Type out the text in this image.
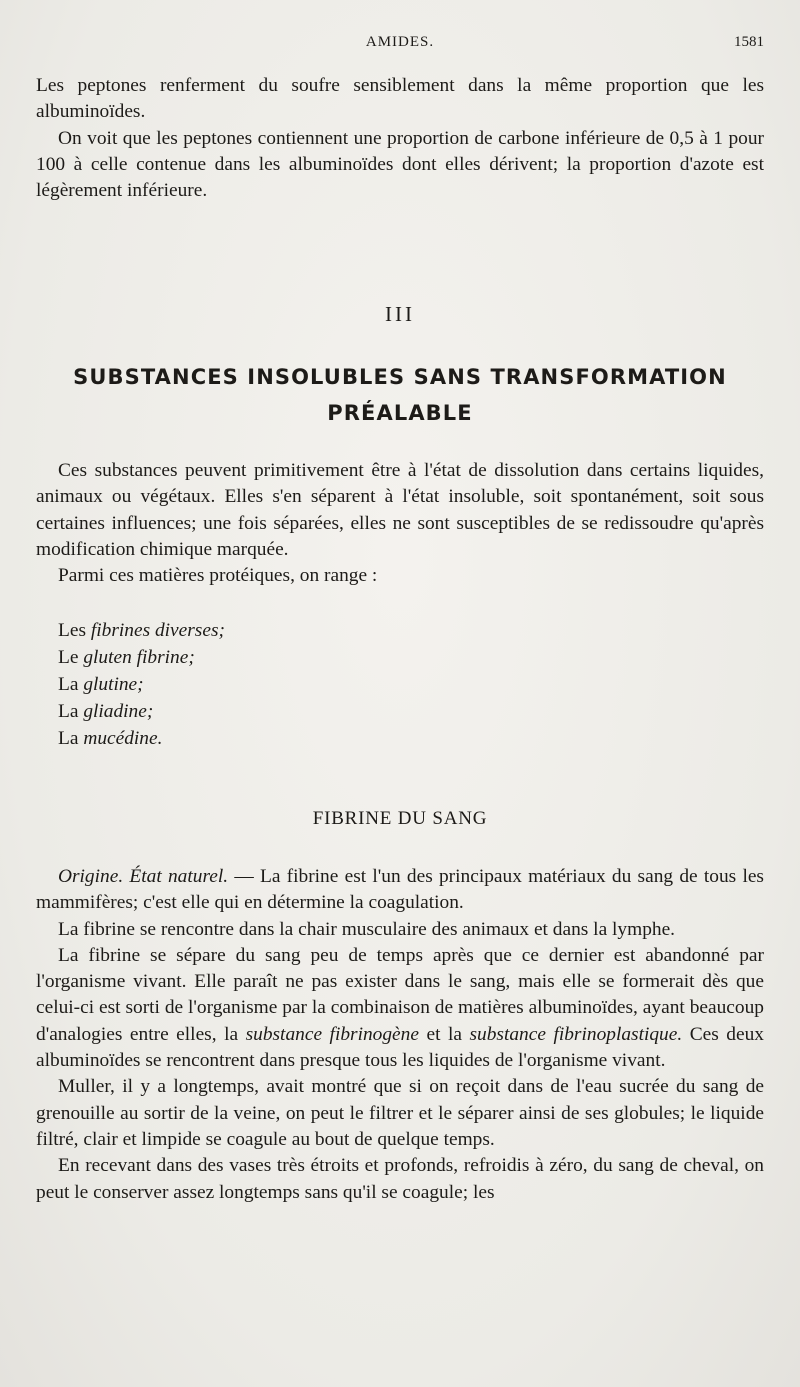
AMIDES.	1581

Les peptones renferment du soufre sensiblement dans la même proportion que les albuminoïdes.

On voit que les peptones contiennent une proportion de carbone inférieure de 0,5 à 1 pour 100 à celle contenue dans les albuminoïdes dont elles dérivent; la proportion d'azote est légèrement inférieure.

III
SUBSTANCES INSOLUBLES SANS TRANSFORMATION
PRÉALABLE

Ces substances peuvent primitivement être à l'état de dissolution dans certains liquides, animaux ou végétaux. Elles s'en séparent à l'état insoluble, soit spontanément, soit sous certaines influences; une fois séparées, elles ne sont susceptibles de se redissoudre qu'après modification chimique marquée.

Parmi ces matières protéiques, on range :

Les fibrines diverses;

Le gluten fibrine;

La glutine;

La gliadine;

La mucédine.

FIBRINE DU SANG

Origine. État naturel. — La fibrine est l'un des principaux matériaux du sang de tous les mammifères; c'est elle qui en détermine la coagulation.

La fibrine se rencontre dans la chair musculaire des animaux et dans la lymphe.

La fibrine se sépare du sang peu de temps après que ce dernier est abandonné par l'organisme vivant. Elle paraît ne pas exister dans le sang, mais elle se formerait dès que celui-ci est sorti de l'organisme par la combinaison de matières albuminoïdes, ayant beaucoup d'analogies entre elles, la substance fibrinogène et la substance fibrinoplastique. Ces deux albuminoïdes se rencontrent dans presque tous les liquides de l'organisme vivant.

Muller, il y a longtemps, avait montré que si on reçoit dans de l'eau sucrée du sang de grenouille au sortir de la veine, on peut le filtrer et le séparer ainsi de ses globules; le liquide filtré, clair et limpide se coagule au bout de quelque temps.

En recevant dans des vases très étroits et profonds, refroidis à zéro, du sang de cheval, on peut le conserver assez longtemps sans qu'il se coagule; les
